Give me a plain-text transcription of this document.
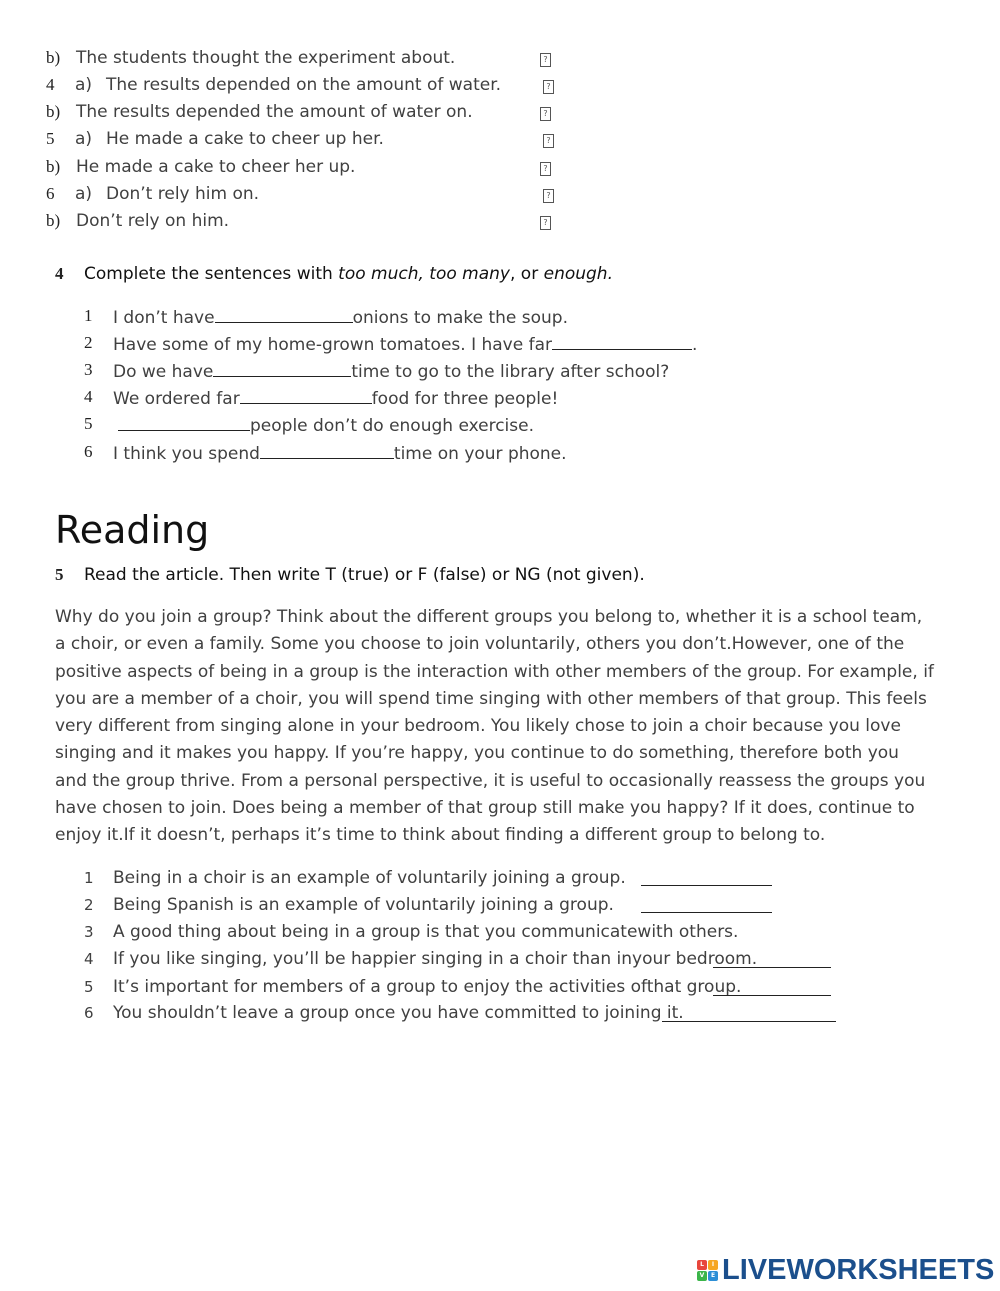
b) The students thought the experiment about.	?
4 a) The results depended on the amount of water.	?
b) The results depended the amount of water on.	?
5 a) He made a cake to cheer up her.	?
b) He made a cake to cheer her up.	?
6 a) Don’t rely him on.	?
b) Don’t rely on him.	?
4 Complete the sentences with too much, too many, or enough.
1 I don’t have	onions to make the soup.
2 Have some of my home-grown tomatoes. I have far	.
3 Do we have	time to go to the library after school?
4 We ordered far	food for three people!
5	people don’t do enough exercise.
6 I think you spend	time on your phone.
Reading
5 Read the article. Then write T (true) or F (false) or NG (not given).
Why do you join a group? Think about the different groups you belong to, whether it is a school team, a choir, or even a family. Some you choose to join voluntarily, others you don’t.However, one of the positive aspects of being in a group is the interaction with other members of the group. For example, if you are a member of a choir, you will spend time singing with other members of that group. This feels very different from singing alone in your bedroom. You likely chose to join a choir because you love singing and it makes you happy. If you’re happy, you continue to do something, therefore both you and the group thrive. From a personal perspective, it is useful to occasionally reassess the groups you have chosen to join. Does being a member of that group still make you happy? If it does, continue to enjoy it.If it doesn’t, perhaps it’s time to think about finding a different group to belong to.
1 Being in a choir is an example of voluntarily joining a group.
2 Being Spanish is an example of voluntarily joining a group.
3 A good thing about being in a group is that you communicatewith others.
4 If you like singing, you’ll be happier singing in a choir than inyour bedroom.
5 It’s important for members of a group to enjoy the activities ofthat group.
6 You shouldn’t leave a group once you have committed to joining it.
L	I
V	E LIVEWORKSHEETS
